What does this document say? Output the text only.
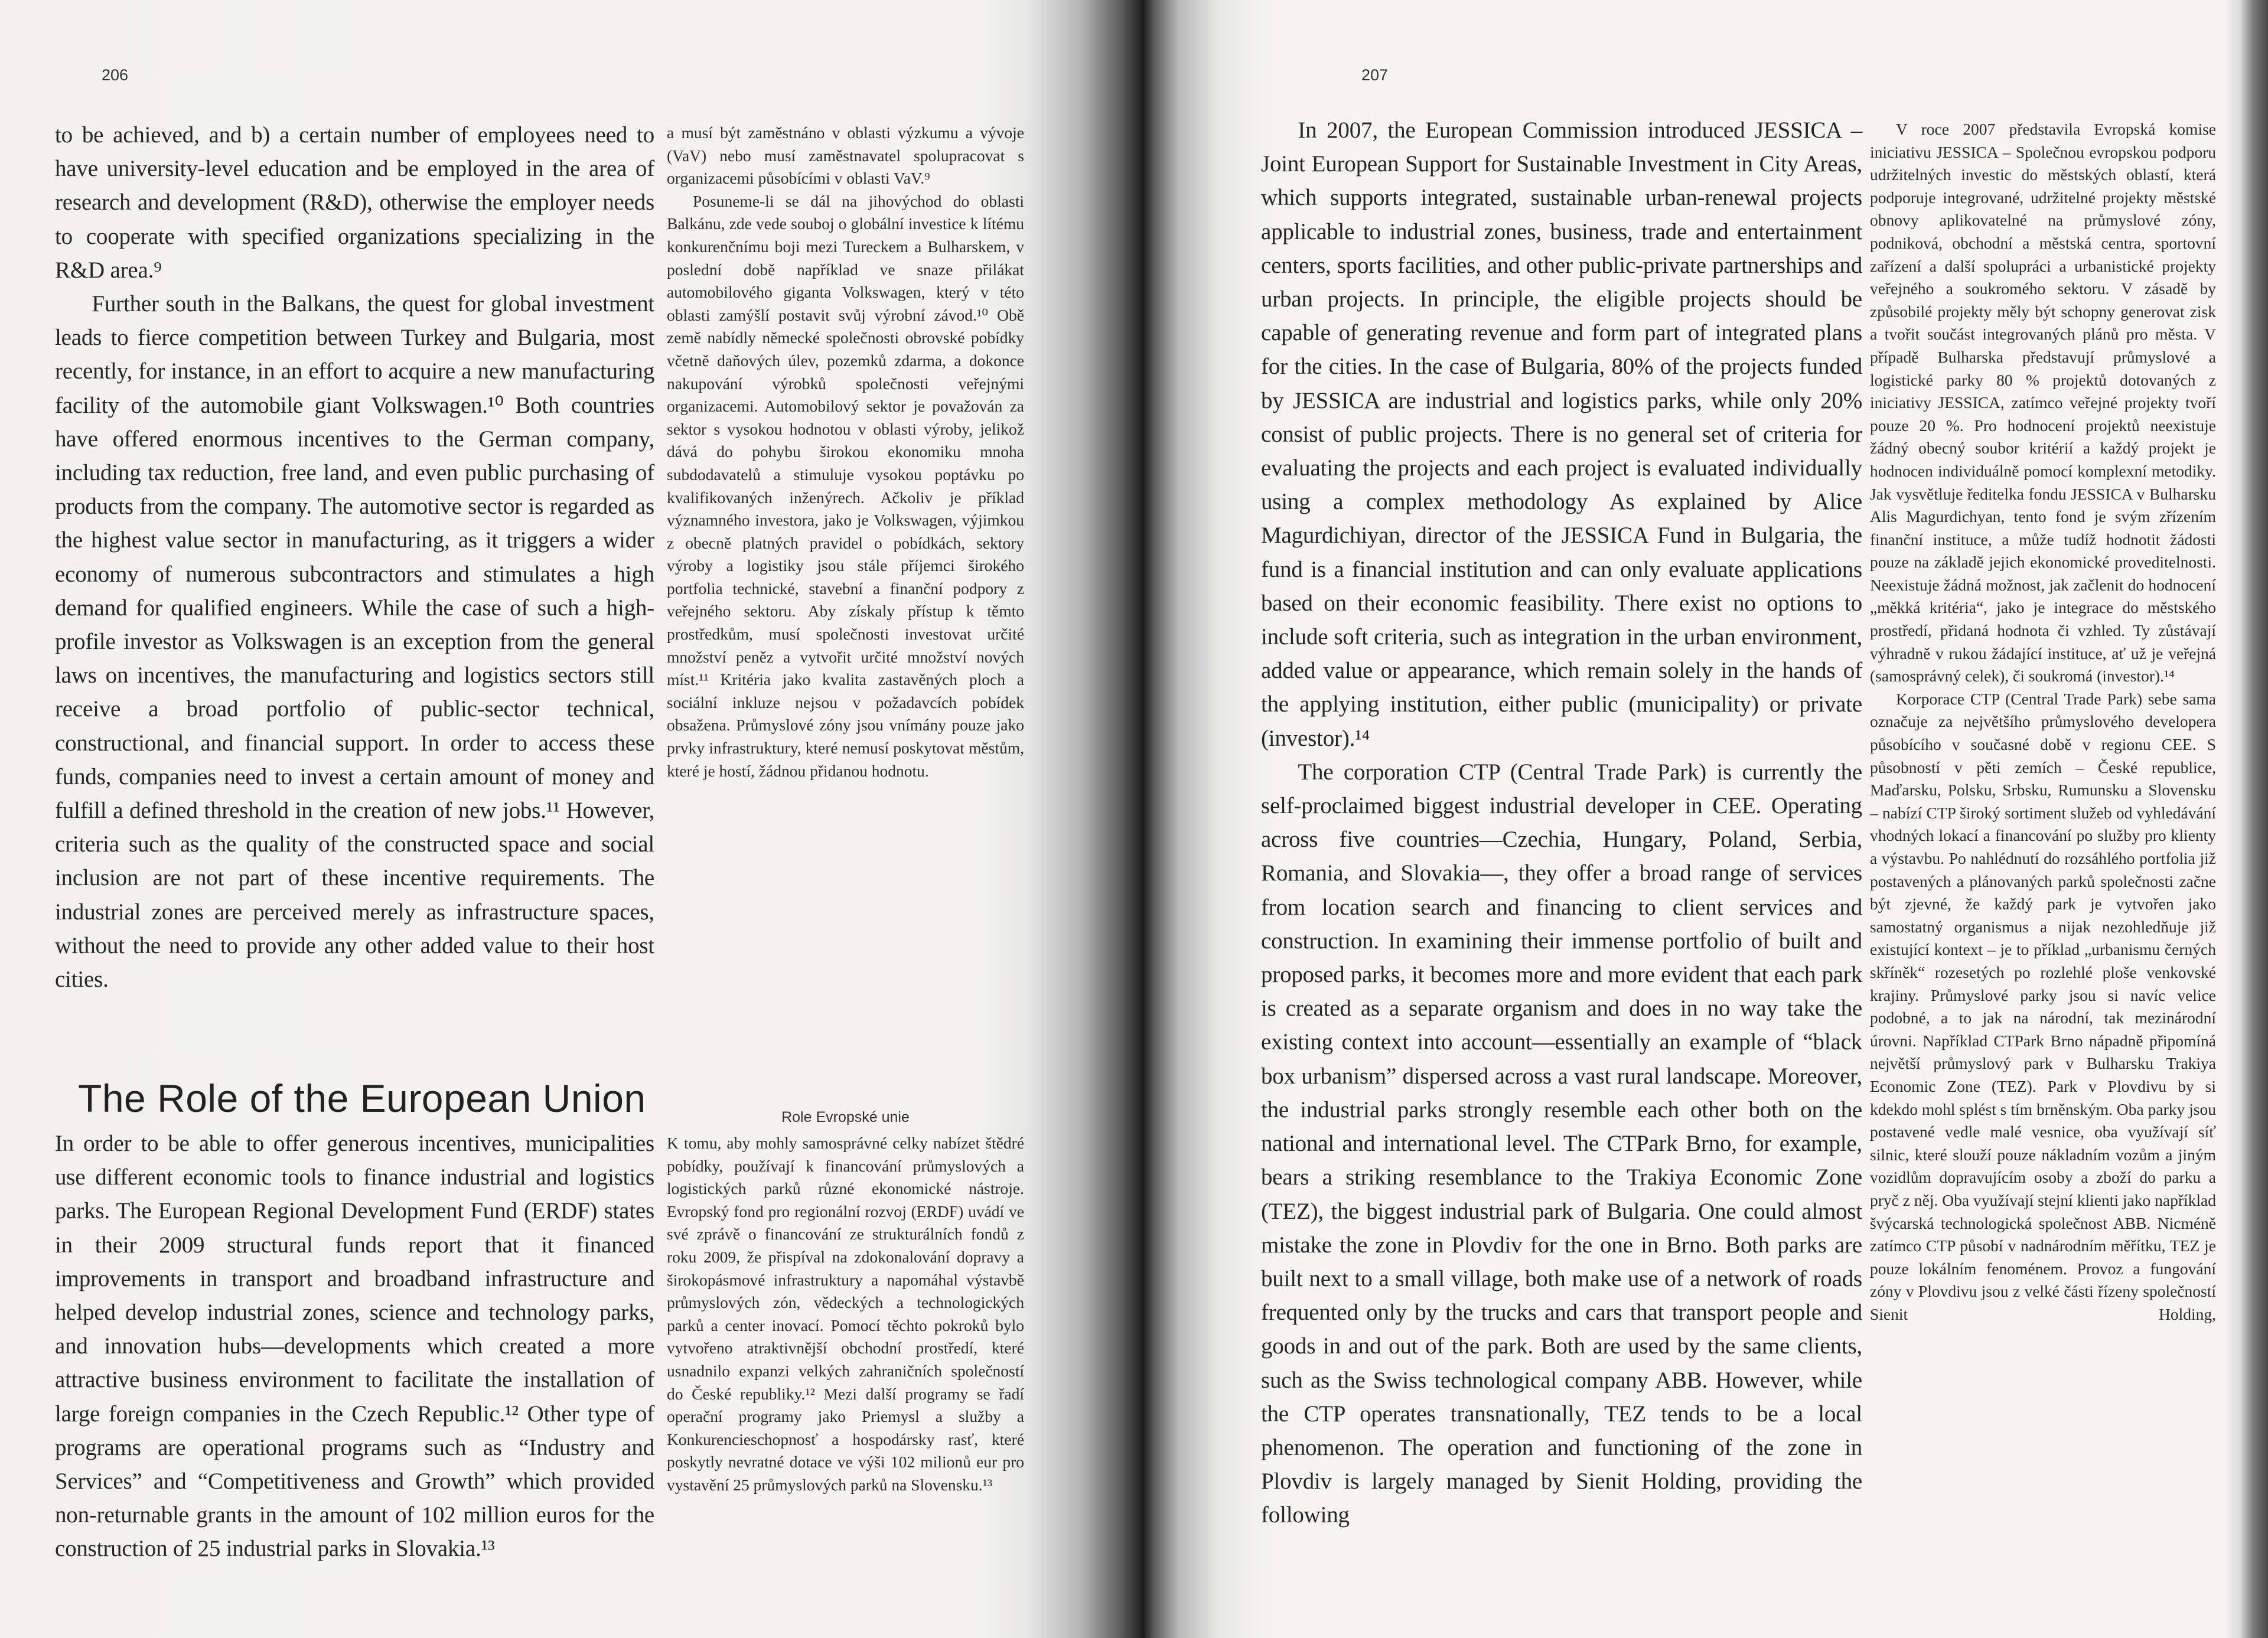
206

to be achieved, and b) a certain number of employees need to have university-level education and be employed in the area of research and development (R&D), otherwise the employer needs to cooperate with specified organizations specializing in the R&D area.⁹

Further south in the Balkans, the quest for global investment leads to fierce competition between Turkey and Bulgaria, most recently, for instance, in an effort to acquire a new manufacturing facility of the automobile giant Volkswagen.¹⁰ Both countries have offered enormous incentives to the German company, including tax reduction, free land, and even public purchasing of products from the company. The automotive sector is regarded as the highest value sector in manufacturing, as it triggers a wider economy of numerous subcontractors and stimulates a high demand for qualified engineers. While the case of such a high-profile investor as Volkswagen is an exception from the general laws on incentives, the manufacturing and logistics sectors still receive a broad portfolio of public-sector technical, constructional, and financial support. In order to access these funds, companies need to invest a certain amount of money and fulfill a defined threshold in the creation of new jobs.¹¹ However, criteria such as the quality of the constructed space and social inclusion are not part of these incentive requirements. The industrial zones are perceived merely as infrastructure spaces, without the need to provide any other added value to their host cities.

a musí být zaměstnáno v oblasti výzkumu a vývoje (VaV) nebo musí zaměstnavatel spolupracovat s organizacemi působícími v oblasti VaV.⁹

Posuneme-li se dál na jihovýchod do oblasti Balkánu, zde vede souboj o globální investice k lítému konkurenčnímu boji mezi Tureckem a Bulharskem, v poslední době například ve snaze přilákat automobilového giganta Volkswagen, který v této oblasti zamýšlí postavit svůj výrobní závod.¹⁰ Obě země nabídly německé společnosti obrovské pobídky včetně daňových úlev, pozemků zdarma, a dokonce nakupování výrobků společnosti veřejnými organizacemi. Automobilový sektor je považován za sektor s vysokou hodnotou v oblasti výroby, jelikož dává do pohybu širokou ekonomiku mnoha subdodavatelů a stimuluje vysokou poptávku po kvalifikovaných inženýrech. Ačkoliv je příklad významného investora, jako je Volkswagen, výjimkou z obecně platných pravidel o pobídkách, sektory výroby a logistiky jsou stále příjemci širokého portfolia technické, stavební a finanční podpory z veřejného sektoru. Aby získaly přístup k těmto prostředkům, musí společnosti investovat určité množství peněz a vytvořit určité množství nových míst.¹¹ Kritéria jako kvalita zastavěných ploch a sociální inkluze nejsou v požadavcích pobídek obsažena. Průmyslové zóny jsou vnímány pouze jako prvky infrastruktury, které nemusí poskytovat městům, které je hostí, žádnou přidanou hodnotu.

The Role of the European Union	Role Evropské unie

In order to be able to offer generous incentives, municipalities use different economic tools to finance industrial and logistics parks. The European Regional Development Fund (ERDF) states in their 2009 structural funds report that it financed improvements in transport and broadband infrastructure and helped develop industrial zones, science and technology parks, and innovation hubs—developments which created a more attractive business environment to facilitate the installation of large foreign companies in the Czech Republic.¹² Other type of programs are operational programs such as “Industry and Services” and “Competitiveness and Growth” which provided non-returnable grants in the amount of 102 million euros for the construction of 25 industrial parks in Slovakia.¹³

K tomu, aby mohly samosprávné celky nabízet štědré pobídky, používají k financování průmyslových a logistických parků různé ekonomické nástroje. Evropský fond pro regionální rozvoj (ERDF) uvádí ve své zprávě o financování ze strukturálních fondů z roku 2009, že přispíval na zdokonalování dopravy a širokopásmové infrastruktury a napomáhal výstavbě průmyslových zón, vědeckých a technologických parků a center inovací. Pomocí těchto pokroků bylo vytvořeno atraktivnější obchodní prostředí, které usnadnilo expanzi velkých zahraničních společností do České republiky.¹² Mezi další programy se řadí operační programy jako Priemysl a služby a Konkurencieschopnosť a hospodársky rasť, které poskytly nevratné dotace ve výši 102 milionů eur pro vystavění 25 průmyslových parků na Slovensku.¹³

207

In 2007, the European Commission introduced JESSICA – Joint European Support for Sustainable Investment in City Areas, which supports integrated, sustainable urban-renewal projects applicable to industrial zones, business, trade and entertainment centers, sports facilities, and other public-private partnerships and urban projects. In principle, the eligible projects should be capable of generating revenue and form part of integrated plans for the cities. In the case of Bulgaria, 80% of the projects funded by JESSICA are industrial and logistics parks, while only 20% consist of public projects. There is no general set of criteria for evaluating the projects and each project is evaluated individually using a complex methodology As explained by Alice Magurdichiyan, director of the JESSICA Fund in Bulgaria, the fund is a financial institution and can only evaluate applications based on their economic feasibility. There exist no options to include soft criteria, such as integration in the urban environment, added value or appearance, which remain solely in the hands of the applying institution, either public (municipality) or private (investor).¹⁴

The corporation CTP (Central Trade Park) is currently the self-proclaimed biggest industrial developer in CEE. Operating across five countries—Czechia, Hungary, Poland, Serbia, Romania, and Slovakia—, they offer a broad range of services from location search and financing to client services and construction. In examining their immense portfolio of built and proposed parks, it becomes more and more evident that each park is created as a separate organism and does in no way take the existing context into account—essentially an example of “black box urbanism” dispersed across a vast rural landscape. Moreover, the industrial parks strongly resemble each other both on the national and international level. The CTPark Brno, for example, bears a striking resemblance to the Trakiya Economic Zone (TEZ), the biggest industrial park of Bulgaria. One could almost mistake the zone in Plovdiv for the one in Brno. Both parks are built next to a small village, both make use of a network of roads frequented only by the trucks and cars that transport people and goods in and out of the park. Both are used by the same clients, such as the Swiss technological company ABB. However, while the CTP operates transnationally, TEZ tends to be a local phenomenon. The operation and functioning of the zone in Plovdiv is largely managed by Sienit Holding, providing the following

V roce 2007 představila Evropská komise iniciativu JESSICA – Společnou evropskou podporu udržitelných investic do městských oblastí, která podporuje integrované, udržitelné projekty městské obnovy aplikovatelné na průmyslové zóny, podniková, obchodní a městská centra, sportovní zařízení a další spolupráci a urbanistické projekty veřejného a soukromého sektoru. V zásadě by způsobilé projekty měly být schopny generovat zisk a tvořit součást integrovaných plánů pro města. V případě Bulharska představují průmyslové a logistické parky 80 % projektů dotovaných z iniciativy JESSICA, zatímco veřejné projekty tvoří pouze 20 %. Pro hodnocení projektů neexistuje žádný obecný soubor kritérií a každý projekt je hodnocen individuálně pomocí komplexní metodiky. Jak vysvětluje ředitelka fondu JESSICA v Bulharsku Alis Magurdichyan, tento fond je svým zřízením finanční instituce, a může tudíž hodnotit žádosti pouze na základě jejich ekonomické proveditelnosti. Neexistuje žádná možnost, jak začlenit do hodnocení „měkká kritéria“, jako je integrace do městského prostředí, přidaná hodnota či vzhled. Ty zůstávají výhradně v rukou žádající instituce, ať už je veřejná (samosprávný celek), či soukromá (investor).¹⁴

Korporace CTP (Central Trade Park) sebe sama označuje za největšího průmyslového developera působícího v současné době v regionu CEE. S působností v pěti zemích – České republice, Maďarsku, Polsku, Srbsku, Rumunsku a Slovensku – nabízí CTP široký sortiment služeb od vyhledávání vhodných lokací a financování po služby pro klienty a výstavbu. Po nahlédnutí do rozsáhlého portfolia již postavených a plánovaných parků společnosti začne být zjevné, že každý park je vytvořen jako samostatný organismus a nijak nezohledňuje již existující kontext – je to příklad „urbanismu černých skříněk“ rozesetých po rozlehlé ploše venkovské krajiny. Průmyslové parky jsou si navíc velice podobné, a to jak na národní, tak mezinárodní úrovni. Například CTPark Brno nápadně připomíná největší průmyslový park v Bulharsku Trakiya Economic Zone (TEZ). Park v Plovdivu by si kdekdo mohl splést s tím brněnským. Oba parky jsou postavené vedle malé vesnice, oba využívají síť silnic, které slouží pouze nákladním vozům a jiným vozidlům dopravujícím osoby a zboží do parku a pryč z něj. Oba využívají stejní klienti jako například švýcarská technologická společnost ABB. Nicméně zatímco CTP působí v nadnárodním měřítku, TEZ je pouze lokálním fenoménem. Provoz a fungování zóny v Plovdivu jsou z velké části řízeny společností Sienit Holding,
